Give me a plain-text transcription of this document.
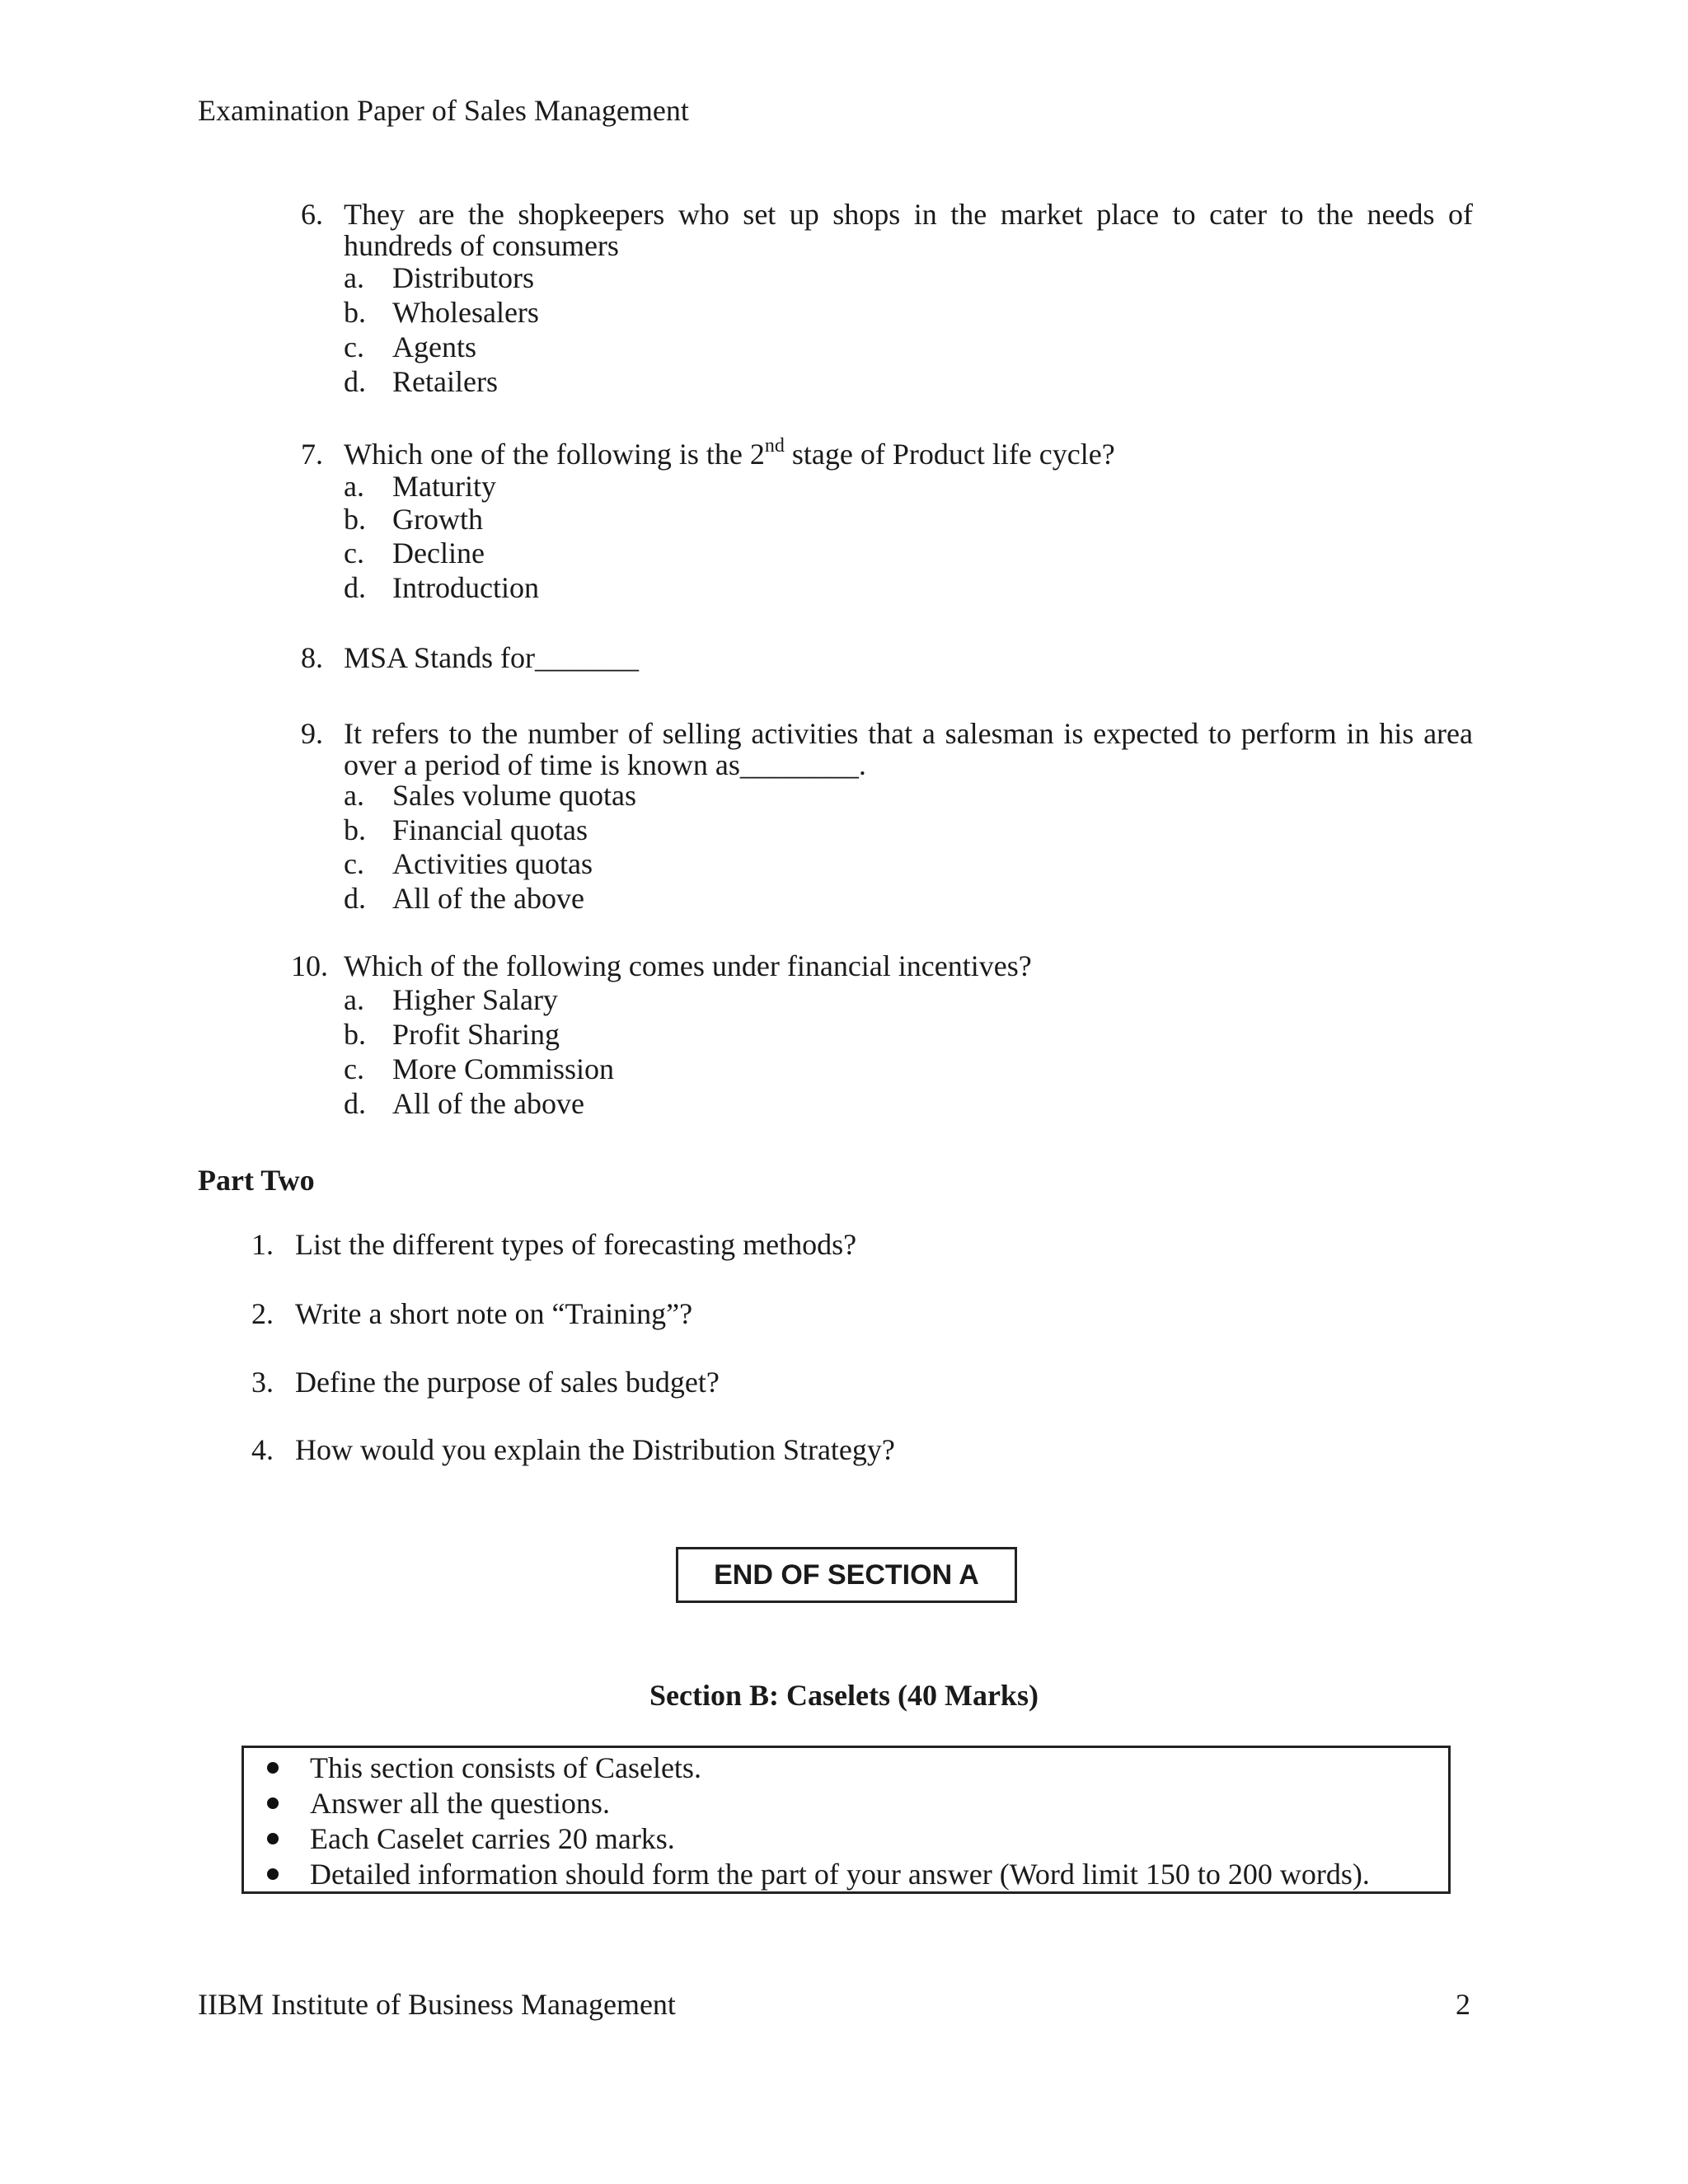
Examination Paper of Sales Management
6. They are the shopkeepers who set up shops in the market place to cater to the needs of
hundreds of consumers
a. Distributors
b. Wholesalers
c. Agents
d. Retailers
7. Which one of the following is the 2nd stage of Product life cycle?
a. Maturity
b. Growth
c. Decline
d. Introduction
8. MSA Stands for_______
9. It refers to the number of selling activities that a salesman is expected to perform in his area
over a period of time is known as________.
a. Sales volume quotas
b. Financial quotas
c. Activities quotas
d. All of the above
10. Which of the following comes under financial incentives?
a. Higher Salary
b. Profit Sharing
c. More Commission
d. All of the above
Part Two
1. List the different types of forecasting methods?
2. Write a short note on “Training”?
3. Define the purpose of sales budget?
4. How would you explain the Distribution Strategy?
END OF SECTION A
Section B: Caselets (40 Marks)
This section consists of Caselets.
Answer all the questions.
Each Caselet carries 20 marks.
Detailed information should form the part of your answer (Word limit 150 to 200 words).
IIBM Institute of Business Management	2
